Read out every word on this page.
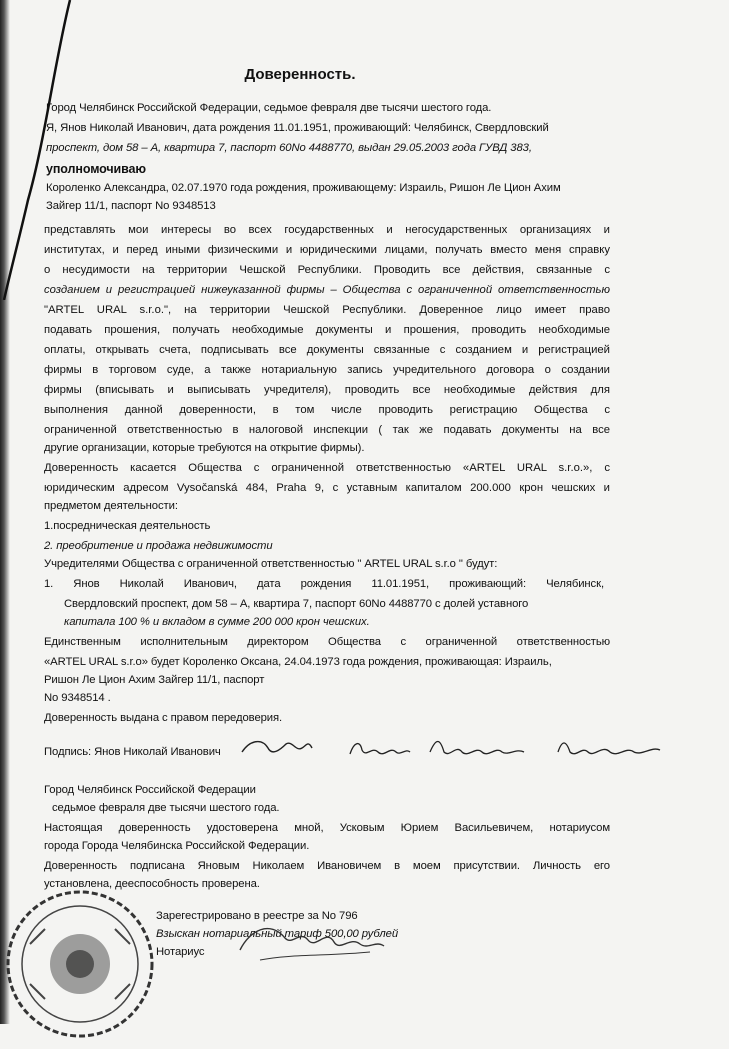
Доверенность.
Город Челябинск Российской Федерации, седьмое февраля две тысячи шестого года.
Я, Янов Николай Иванович, дата рождения 11.01.1951, проживающий: Челябинск, Свердловский
проспект, дом 58 – А, квартира 7, паспорт 60No 4488770, выдан 29.05.2003 года ГУВД 383,
уполномочиваю
Короленко Александра, 02.07.1970 года рождения, проживающему: Израиль, Ришон Ле Цион Ахим
Зайгер 11/1, паспорт No 9348513
представлять мои интересы во всех государственных и негосударственных организациях и
институтах, и перед иными физическими и юридическими лицами, получать вместо меня справку
о несудимости на территории Чешской Республики. Проводить все действия, связанные с
созданием и регистрацией нижеуказанной фирмы – Общества с ограниченной ответственностью
"ARTEL URAL s.r.o.", на территории Чешской Республики. Доверенное лицо имеет право
подавать прошения, получать необходимые документы и прошения, проводить необходимые
оплаты, открывать счета, подписывать все документы связанные с созданием и регистрацией
фирмы в торговом суде, а также нотариальную запись учредительного договора о создании
фирмы (вписывать и выписывать учредителя), проводить все необходимые действия для
выполнения данной доверенности, в том числе проводить регистрацию Общества с
ограниченной ответственностью в налоговой инспекции ( так же подавать документы на все
другие организации, которые требуются на открытие фирмы).
Доверенность касается Общества с ограниченной ответственностью «ARTEL URAL s.r.o.», с
юридическим адресом Vysočanská 484, Praha 9, с уставным капиталом 200.000 крон чешских и
предметом деятельности:
1.посредническая деятельность
2. преобритение и продажа недвижимости
Учредителями Общества с ограниченной ответственностью " ARTEL URAL s.r.o " будут:
1. Янов Николай Иванович, дата рождения 11.01.1951, проживающий: Челябинск,
Свердловский проспект, дом 58 – А, квартира 7, паспорт 60No 4488770 с долей уставного
капитала 100 % и вкладом в сумме 200 000 крон чешских.
Единственным исполнительным директором Общества с ограниченной ответственностью
«ARTEL URAL s.r.o» будет Короленко Оксана, 24.04.1973 года рождения, проживающая: Израиль,
Ришон Ле Цион Ахим Зайгер 11/1, паспорт
No 9348514 .
Доверенность выдана с правом передоверия.
Подпись: Янов Николай Иванович
Город Челябинск Российской Федерации
седьмое февраля две тысячи шестого года.
Настоящая доверенность удостоверена мной, Усковым Юрием Васильевичем, нотариусом
города Города Челябинска Российской Федерации.
Доверенность подписана Яновым Николаем Ивановичем в моем присутствии. Личность его
установлена, дееспособность проверена.
Зарегестрировано в реестре за No 796
Взыскан нотариальный тариф 500,00 рублей
Нотариус
